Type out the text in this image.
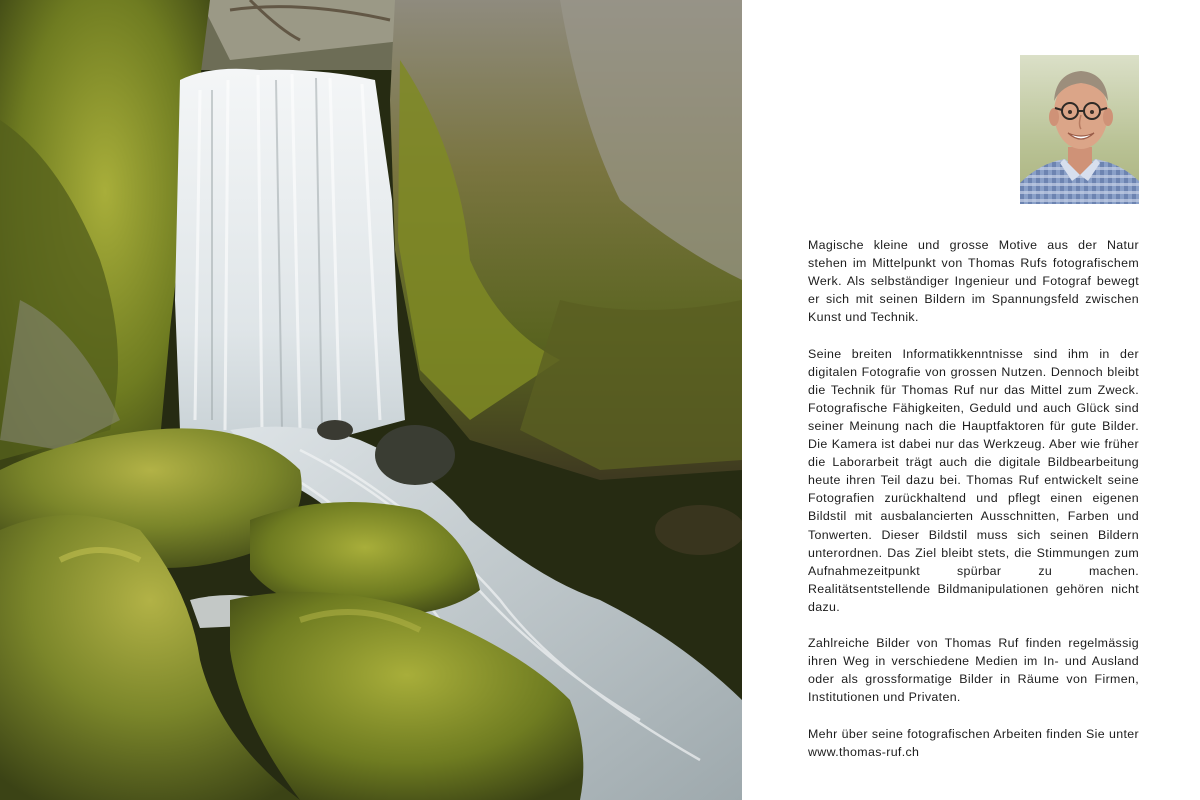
Magische kleine und grosse Motive aus der Natur stehen im Mittelpunkt von Thomas Rufs fotografischem Werk. Als selbständiger Ingenieur und Fotograf bewegt er sich mit seinen Bildern im Spannungsfeld zwischen Kunst und Technik.

Seine breiten Informatikkenntnisse sind ihm in der digitalen Fotografie von grossen Nutzen. Dennoch bleibt die Technik für Thomas Ruf nur das Mittel zum Zweck. Fotografische Fähigkeiten, Geduld und auch Glück sind seiner Meinung nach die Hauptfaktoren für gute Bilder. Die Kamera ist dabei nur das Werkzeug. Aber wie früher die Laborarbeit trägt auch die digitale Bildbearbeitung heute ihren Teil dazu bei. Thomas Ruf entwickelt seine Fotografien zurückhaltend und pflegt einen eigenen Bildstil mit ausbalancierten Ausschnitten, Farben und Tonwerten. Dieser Bildstil muss sich seinen Bildern unterordnen. Das Ziel bleibt stets, die Stimmungen zum Aufnahmezeitpunkt spürbar zu machen. Realitätsentstellende Bildmanipulationen gehören nicht dazu.

Zahlreiche Bilder von Thomas Ruf finden regelmässig ihren Weg in verschiedene Medien im In- und Ausland oder als grossformatige Bilder in Räume von Firmen, Institutionen und Privaten.

Mehr über seine fotografischen Arbeiten finden Sie unter www.thomas-ruf.ch
